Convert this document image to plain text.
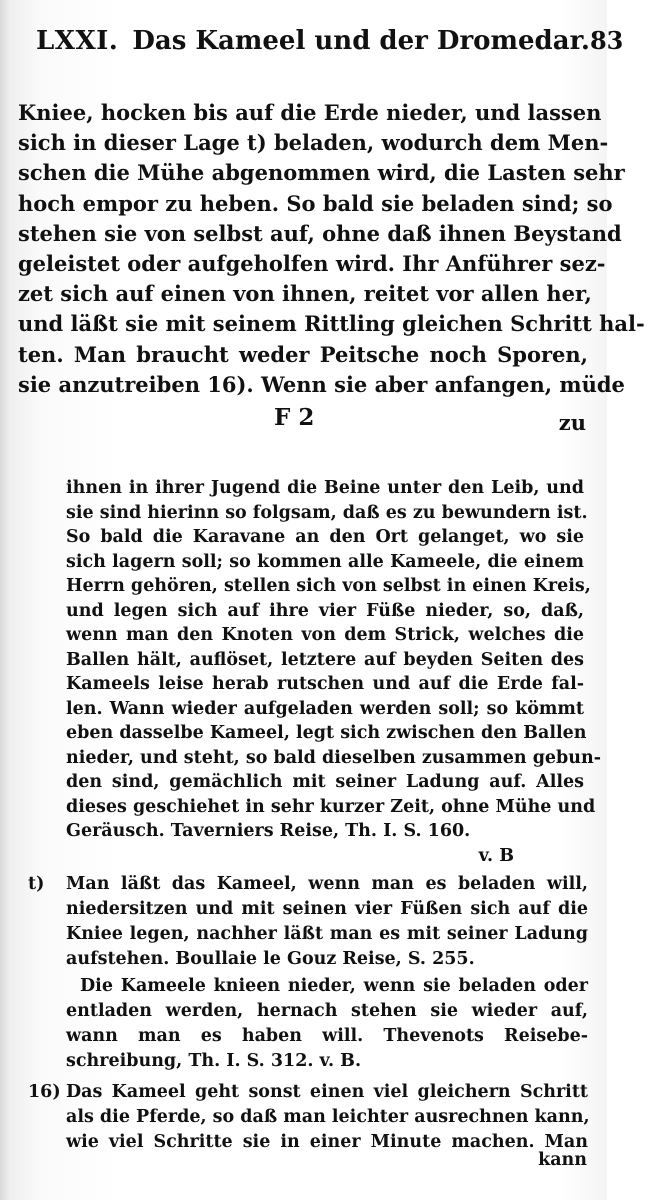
LXXI. Das Kameel und der Dromedar. 83
Kniee, hocken bis auf die Erde nieder, und lassen
sich in dieser Lage t) beladen, wodurch dem Men-
schen die Mühe abgenommen wird, die Lasten sehr
hoch empor zu heben. So bald sie beladen sind; so
stehen sie von selbst auf, ohne daß ihnen Beystand
geleistet oder aufgeholfen wird. Ihr Anführer sez-
zet sich auf einen von ihnen, reitet vor allen her,
und läßt sie mit seinem Rittling gleichen Schritt hal-
ten. Man braucht weder Peitsche noch Sporen,
sie anzutreiben 16). Wenn sie aber anfangen, müde
F 2	zu
ihnen in ihrer Jugend die Beine unter den Leib, und
sie sind hierinn so folgsam, daß es zu bewundern ist.
So bald die Karavane an den Ort gelanget, wo sie
sich lagern soll; so kommen alle Kameele, die einem
Herrn gehören, stellen sich von selbst in einen Kreis,
und legen sich auf ihre vier Füße nieder, so, daß,
wenn man den Knoten von dem Strick, welches die
Ballen hält, auflöset, letztere auf beyden Seiten des
Kameels leise herab rutschen und auf die Erde fal-
len. Wann wieder aufgeladen werden soll; so kömmt
eben dasselbe Kameel, legt sich zwischen den Ballen
nieder, und steht, so bald dieselben zusammen gebun-
den sind, gemächlich mit seiner Ladung auf. Alles
dieses geschiehet in sehr kurzer Zeit, ohne Mühe und
Geräusch. Taverniers Reise, Th. I. S. 160.
v. B
t) Man läßt das Kameel, wenn man es beladen will,
niedersitzen und mit seinen vier Füßen sich auf die
Kniee legen, nachher läßt man es mit seiner Ladung
aufstehen. Boullaie le Gouz Reise, S. 255.
Die Kameele knieen nieder, wenn sie beladen oder
entladen werden, hernach stehen sie wieder auf,
wann man es haben will. Thevenots Reisebe-
schreibung, Th. I. S. 312. v. B.
16) Das Kameel geht sonst einen viel gleichern Schritt
als die Pferde, so daß man leichter ausrechnen kann,
wie viel Schritte sie in einer Minute machen. Man
kann
